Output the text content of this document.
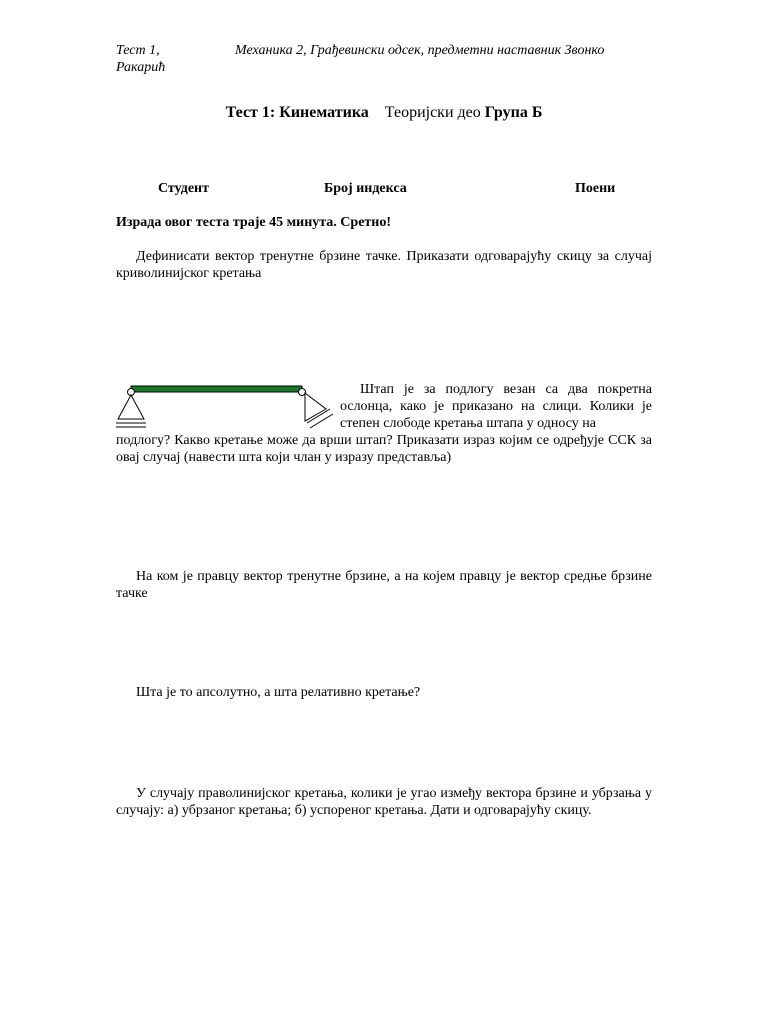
Тест 1, Ракарић
Механика 2, Грађевински одсек, предметни наставник Звонко
Тест 1: Кинематика Теоријски део Група Б
Студент	Број индекса	Поени
Израда овог теста траје 45 минута. Сретно!
Дефинисати вектор тренутне брзине тачке. Приказати одговарајућу скицу за случај криволинијског кретања
Штап је за подлогу везан са два покретна ослонца, како је приказано на слици. Колики је степен слободе кретања штапа у односу на
подлогу? Какво кретање може да врши штап? Приказати израз којим се одређује ССК за овај случај (навести шта који члан у изразу представља)
На ком је правцу вектор тренутне брзине, а на којем правцу је вектор средње брзине тачке
Шта је то апсолутно, а шта релативно кретање?
У случају праволинијског кретања, колики је угао између вектора брзине и убрзања у случају: а) убрзаног кретања; б) успореног кретања. Дати и одговарајућу скицу.
